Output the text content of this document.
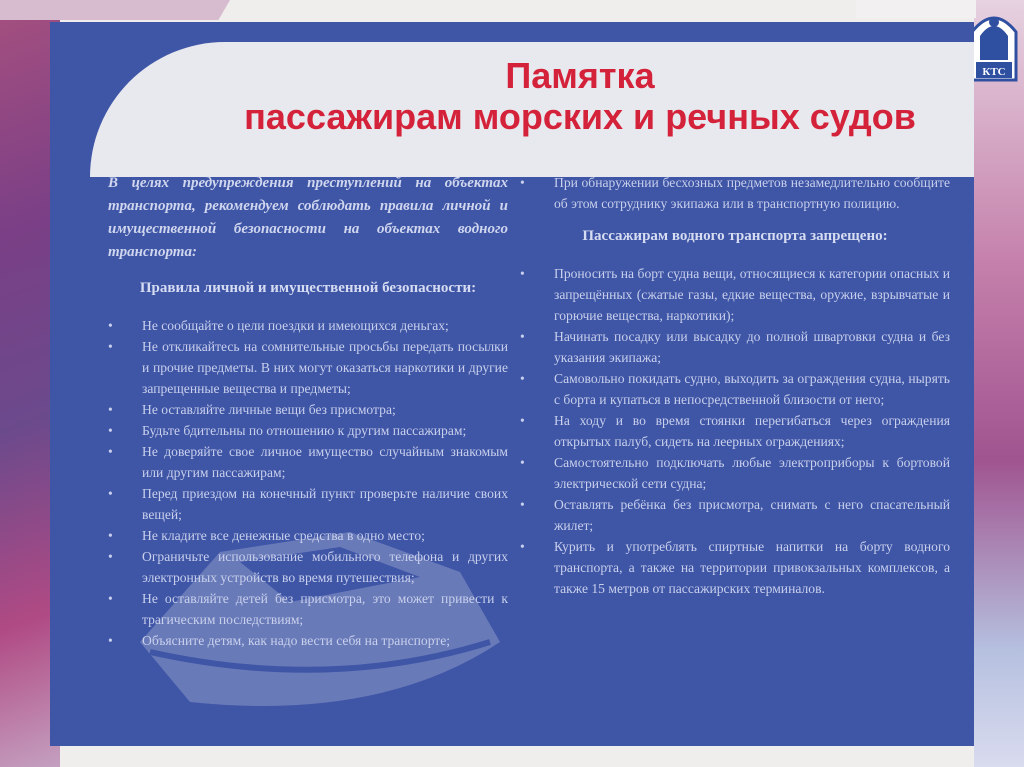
КТС
Памятка
пассажирам морских и речных судов

В целях предупреждения преступлений на объектах транспорта, рекомендуем соблюдать правила личной и имущественной безопасности на объектах водного транспорта:

Правила личной и имущественной безопасности:

• Не сообщайте о цели поездки и имеющихся деньгах;

• Не откликайтесь на сомнительные просьбы передать посылки и прочие предметы. В них могут оказаться наркотики и другие запрещенные вещества и предметы;

• Не оставляйте личные вещи без присмотра;

• Будьте бдительны по отношению к другим пассажирам;

• Не доверяйте свое личное имущество случайным знакомым или другим пассажирам;

• Перед приездом на конечный пункт проверьте наличие своих вещей;

• Не кладите все денежные средства в одно место;

• Ограничьте использование мобильного телефона и других электронных устройств во время путешествия;

• Не оставляйте детей без присмотра, это может привести к трагическим последствиям;

• Объясните детям, как надо вести себя на транспорте;

• При обнаружении бесхозных предметов незамедлительно сообщите об этом сотруднику экипажа или в транспортную полицию.

Пассажирам водного транспорта запрещено:

• Проносить на борт судна вещи, относящиеся к категории опасных и запрещённых (сжатые газы, едкие вещества, оружие, взрывчатые и горючие вещества, наркотики);

• Начинать посадку или высадку до полной швартовки судна и без указания экипажа;

• Самовольно покидать судно, выходить за ограждения судна, нырять с борта и купаться в непосредственной близости от него;

• На ходу и во время стоянки перегибаться через ограждения открытых палуб, сидеть на леерных ограждениях;

• Самостоятельно подключать любые электроприборы к бортовой электрической сети судна;

• Оставлять ребёнка без присмотра, снимать с него спасательный жилет;

• Курить и употреблять спиртные напитки на борту водного транспорта, а также на территории привокзальных комплексов, а также 15 метров от пассажирских терминалов.
